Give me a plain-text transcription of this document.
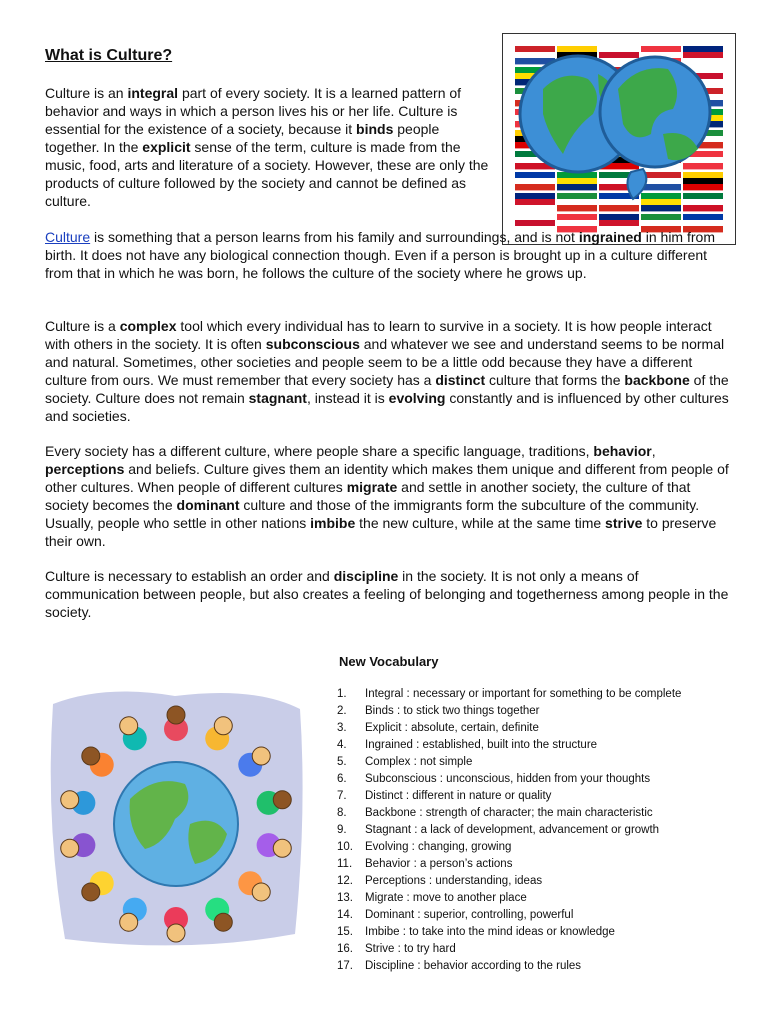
What is Culture?

Culture is an integral part of every society. It is a learned pattern of behavior and ways in which a person lives his or her life. Culture is essential for the existence of a society, because it binds people together. In the explicit sense of the term, culture is made from the music, food, arts and literature of a society. However, these are only the products of culture followed by the society and cannot be defined as culture.

Culture is something that a person learns from his family and surroundings, and is not ingrained in him from birth. It does not have any biological connection though. Even if a person is brought up in a culture different from that in which he was born, he follows the culture of the society where he grows up.

Culture is a complex tool which every individual has to learn to survive in a society. It is how people interact with others in the society. It is often subconscious and whatever we see and understand seems to be normal and natural. Sometimes, other societies and people seem to be a little odd because they have a different culture from ours. We must remember that every society has a distinct culture that forms the backbone of the society. Culture does not remain stagnant, instead it is evolving constantly and is influenced by other cultures and societies.

Every society has a different culture, where people share a specific language, traditions, behavior, perceptions and beliefs. Culture gives them an identity which makes them unique and different from people of other cultures. When people of different cultures migrate and settle in another society, the culture of that society becomes the dominant culture and those of the immigrants form the subculture of the community. Usually, people who settle in other nations imbibe the new culture, while at the same time strive to preserve their own.

Culture is necessary to establish an order and discipline in the society. It is not only a means of communication between people, but also creates a feeling of belonging and togetherness among people in the society.

New Vocabulary
1. Integral : necessary or important for something to be complete
2. Binds : to stick two things together
3. Explicit : absolute, certain, definite
4. Ingrained : established, built into the structure
5. Complex : not simple
6. Subconscious : unconscious, hidden from your thoughts
7. Distinct : different in nature or quality
8. Backbone : strength of character; the main characteristic
9. Stagnant : a lack of development, advancement or growth
10. Evolving : changing, growing
11. Behavior : a person’s actions
12. Perceptions : understanding, ideas
13. Migrate : move to another place
14. Dominant : superior, controlling, powerful
15. Imbibe : to take into the mind ideas or knowledge
16. Strive : to try hard
17. Discipline : behavior according to the rules
